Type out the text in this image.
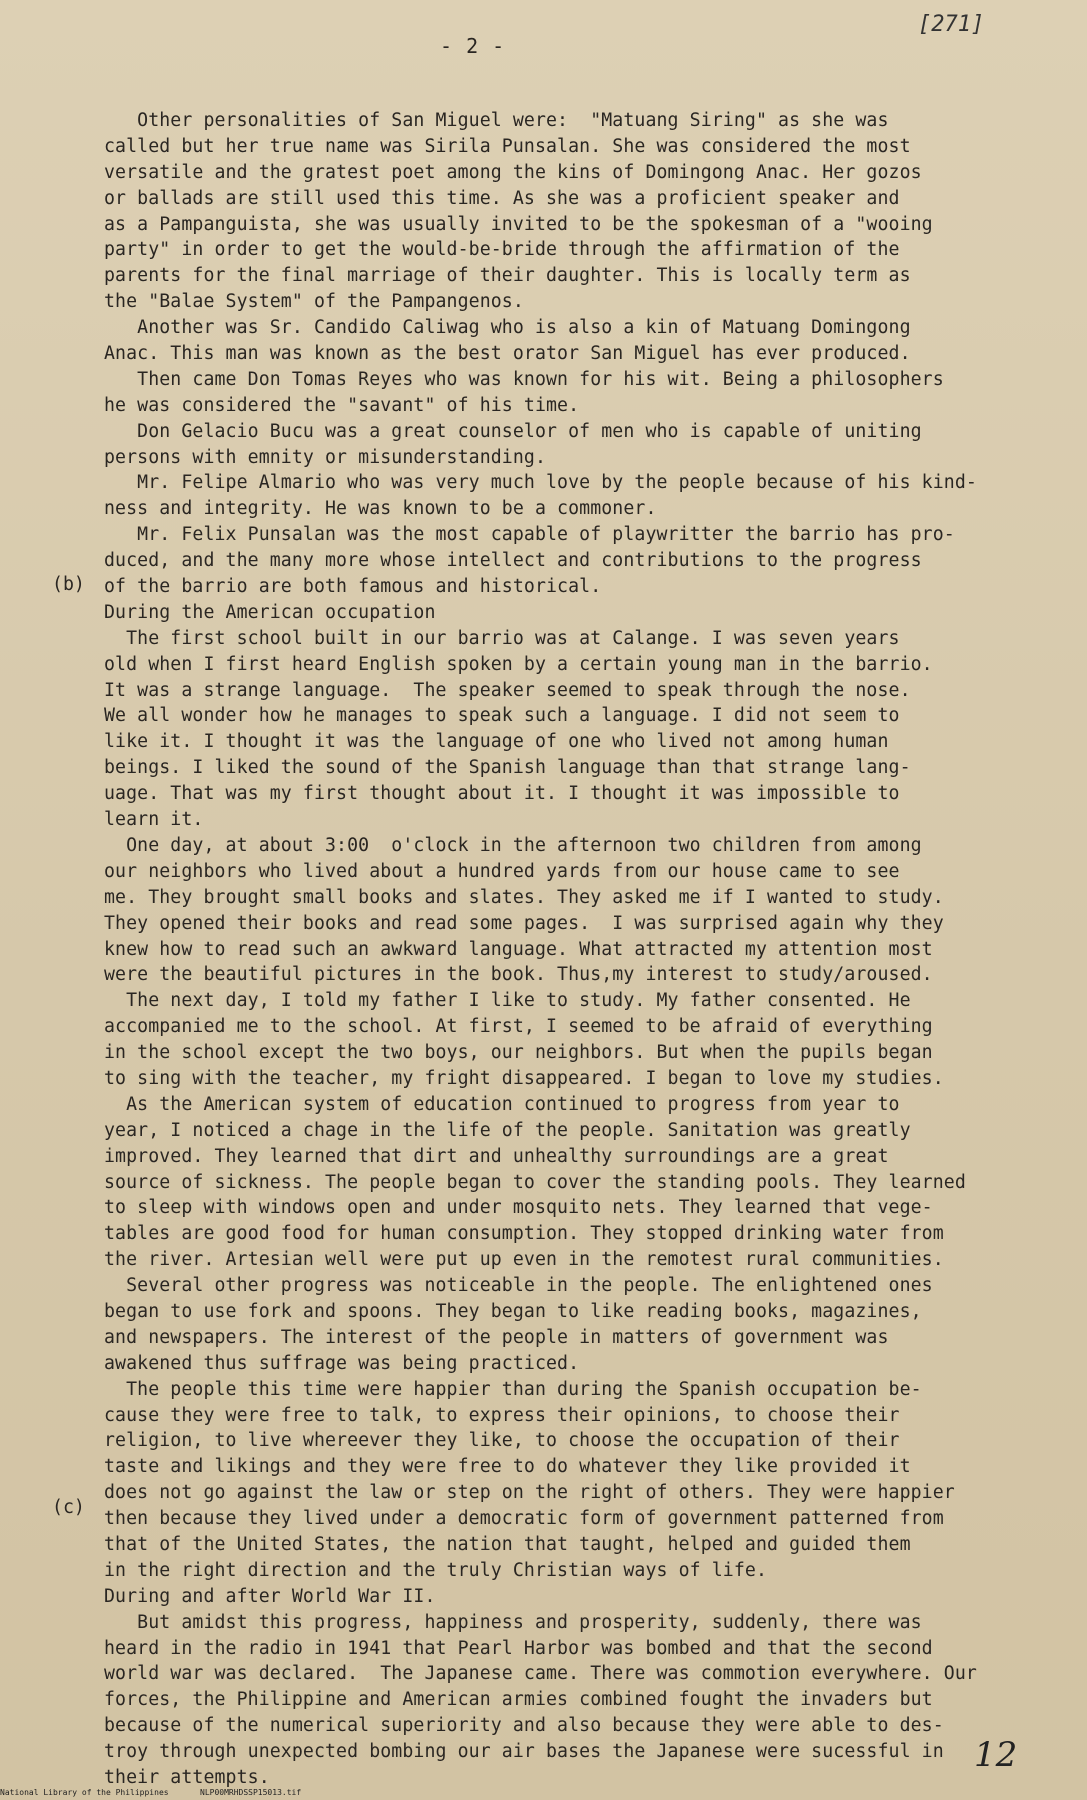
- 2 -
[271]
(b)
(c)
Other personalities of San Miguel were:  "Matuang Siring" as she was
called but her true name was Sirila Punsalan. She was considered the most
versatile and the gratest poet among the kins of Domingong Anac. Her gozos
or ballads are still used this time. As she was a proficient speaker and
as a Pampanguista, she was usually invited to be the spokesman of a "wooing
party" in order to get the would-be-bride through the affirmation of the
parents for the final marriage of their daughter. This is locally term as
the "Balae System" of the Pampangenos.
Another was Sr. Candido Caliwag who is also a kin of Matuang Domingong
Anac. This man was known as the best orator San Miguel has ever produced.
Then came Don Tomas Reyes who was known for his wit. Being a philosophers
he was considered the "savant" of his time.
Don Gelacio Bucu was a great counselor of men who is capable of uniting
persons with emnity or misunderstanding.
Mr. Felipe Almario who was very much love by the people because of his kind-
ness and integrity. He was known to be a commoner.
Mr. Felix Punsalan was the most capable of playwritter the barrio has pro-
duced, and the many more whose intellect and contributions to the progress
of the barrio are both famous and historical.
During the American occupation
The first school built in our barrio was at Calange. I was seven years
old when I first heard English spoken by a certain young man in the barrio.
It was a strange language.  The speaker seemed to speak through the nose.
We all wonder how he manages to speak such a language. I did not seem to
like it. I thought it was the language of one who lived not among human
beings. I liked the sound of the Spanish language than that strange lang-
uage. That was my first thought about it. I thought it was impossible to
learn it.
One day, at about 3:00  o'clock in the afternoon two children from among
our neighbors who lived about a hundred yards from our house came to see
me. They brought small books and slates. They asked me if I wanted to study.
They opened their books and read some pages.  I was surprised again why they
knew how to read such an awkward language. What attracted my attention most
were the beautiful pictures in the book. Thus,my interest to study/aroused.
The next day, I told my father I like to study. My father consented. He
accompanied me to the school. At first, I seemed to be afraid of everything
in the school except the two boys, our neighbors. But when the pupils began
to sing with the teacher, my fright disappeared. I began to love my studies.
As the American system of education continued to progress from year to
year, I noticed a chage in the life of the people. Sanitation was greatly
improved. They learned that dirt and unhealthy surroundings are a great
source of sickness. The people began to cover the standing pools. They learned
to sleep with windows open and under mosquito nets. They learned that vege-
tables are good food for human consumption. They stopped drinking water from
the river. Artesian well were put up even in the remotest rural communities.
Several other progress was noticeable in the people. The enlightened ones
began to use fork and spoons. They began to like reading books, magazines,
and newspapers. The interest of the people in matters of government was
awakened thus suffrage was being practiced.
The people this time were happier than during the Spanish occupation be-
cause they were free to talk, to express their opinions, to choose their
religion, to live whereever they like, to choose the occupation of their
taste and likings and they were free to do whatever they like provided it
does not go against the law or step on the right of others. They were happier
then because they lived under a democratic form of government patterned from
that of the United States, the nation that taught, helped and guided them
in the right direction and the truly Christian ways of life.
During and after World War II.
But amidst this progress, happiness and prosperity, suddenly, there was
heard in the radio in 1941 that Pearl Harbor was bombed and that the second
world war was declared.  The Japanese came. There was commotion everywhere. Our
forces, the Philippine and American armies combined fought the invaders but
because of the numerical superiority and also because they were able to des-
troy through unexpected bombing our air bases the Japanese were sucessful in
their attempts.
National Library of the Philippines	NLP00MRHDSSP15013.tif
12
